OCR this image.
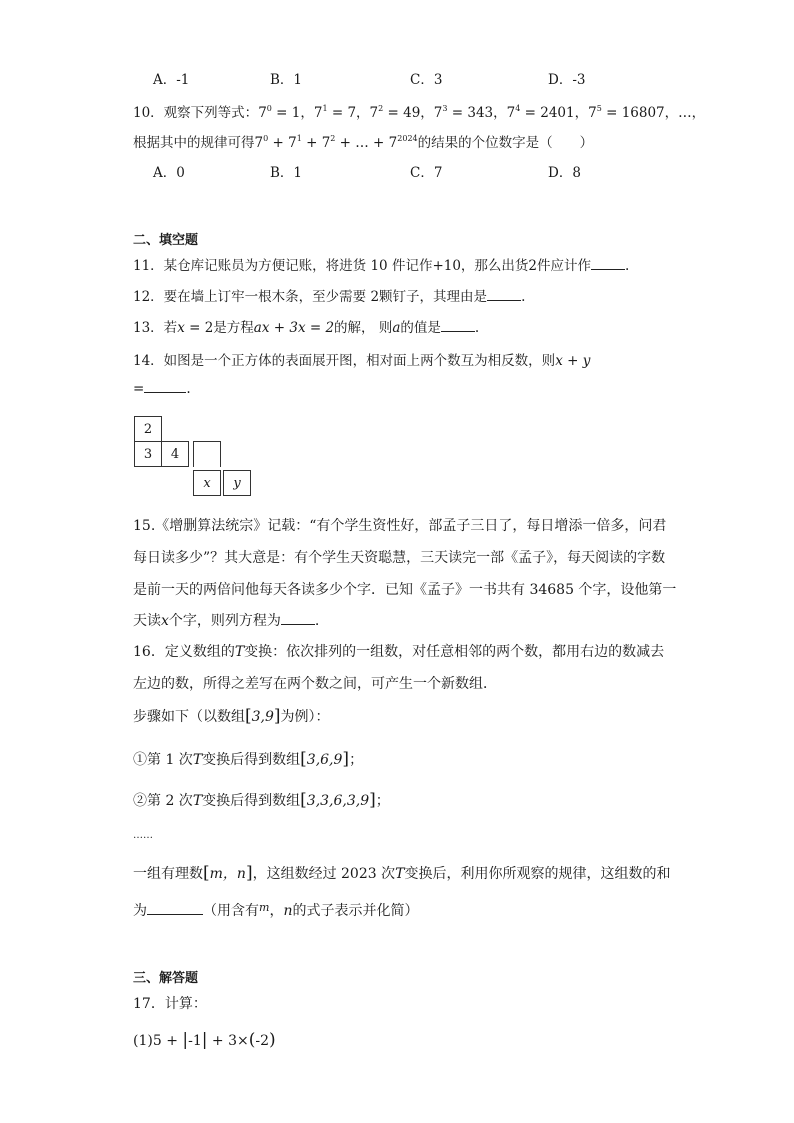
A．-1	B．1	C．3	D．-3
10．观察下列等式：$7^0 = 1$，$7^1 = 7$，$7^2 = 49$，$7^3 = 343$，$7^4 = 2401$，$7^5 = 16807$，…，
根据其中的规律可得$7^0 + 7^1 + 7^2$ + … + $7^{2024}$的结果的个位数字是（　　）
A．0	B．1	C．7	D．8
二、填空题
11．某仓库记账员为方便记账，将进货 10 件记作+10，那么出货2件应计作	.
12．要在墙上订牢一根木条，至少需要 2颗钉子，其理由是	.
13．若x = 2是方程ax + 3x = 2的解， 则a的值是	.
14．如图是一个正方体的表面展开图，相对面上两个数互为相反数，则x + y
=	.
2
3	4
x	y
15.《增删算法统宗》记载：“有个学生资性好，部孟子三日了，每日增添一倍多，问君
每日读多少”？其大意是：有个学生天资聪慧，三天读完一部《孟子》，每天阅读的字数
是前一天的两倍问他每天各读多少个字．已知《孟子》一书共有 34685 个字，设他第一
天读x个字，则列方程为 .
16．定义数组的T变换：依次排列的一组数，对任意相邻的两个数，都用右边的数减去
左边的数，所得之差写在两个数之间，可产生一个新数组．
步骤如下（以数组[3,9]为例）：
①第 1 次T变换后得到数组[3,6,9]；
②第 2 次T变换后得到数组[3,3,6,3,9]；
……
一组有理数[m，n]，这组数经过 2023 次T变换后，利用你所观察的规律，这组数的和
为	（用含有$^m$，n的式子表示并化简）
三、解答题
17．计算：
(1)5 + |-1| + 3×(-2)
